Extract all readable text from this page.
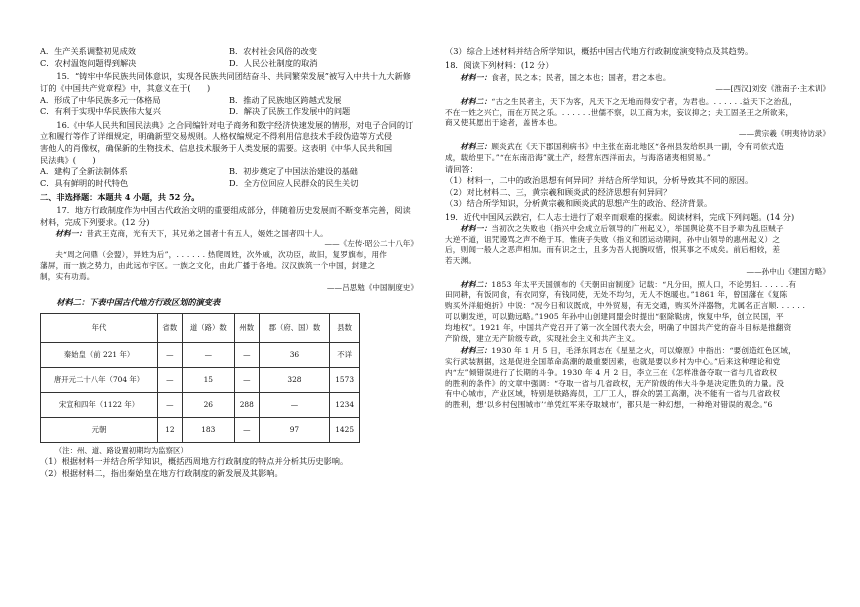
A．生产关系调整初见成效	B．农村社会风俗的改变
C．农村温饱问题得到解决	D．人民公社制度的取消
15．“铸牢中华民族共同体意识，实现各民族共同团结奋斗、共同繁荣发展”被写入中共十九大新修
订的《中国共产党章程》中，其意义在于(　　)
A．形成了中华民族多元一体格局	B．推动了民族地区跨越式发展
C．有利于实现中华民族伟大复兴	D．解决了民族工作发展中的问题
16.《中华人民共和国民法典》之合同编针对电子商务和数字经济快速发展的情形，对电子合同的订
立和履行等作了详细规定，明确新型交易规则。人格权编规定不得利用信息技术手段伪造等方式侵
害他人的肖像权，确保新的生物技术、信息技术服务于人类发展的需要。这表明《中华人民共和国
民法典》(　　)
A．建构了全新法制体系	B．初步奠定了中国法治建设的基础
C．具有鲜明的时代特色	D．全方位回应人民群众的民生关切
二、非选择题：本题共 4 小题，共 52 分。
17．地方行政制度作为中国古代政治文明的重要组成部分，伴随着历史发展而不断变革完善，阅读
材料，完成下列要求。(12 分)
材料一：昔武王克商，光有天下，其兄弟之国者十有五人，姬姓之国者四十人。
——《左传·昭公二十八年》
夫“周之问鼎（会盟），异姓为后”，. . . . . . 热爬周姓，次外戚，次功臣，故旧，复罗旗布，用作
藩屏，而一族之势力，由此远布宇区。一族之文化，由此广播于各地。汉汉族筑一个中国，封建之
制，实有功焉。
——吕思勉《中国制度史》
材料二：下表中国古代地方行政区划的演变表
年代	省数	道（路）数	州数	郡（府、国）数	县数
秦始皇（前 221 年）	—	—	—	36	不详
唐开元二十八年（704 年）	—	15	—	328	1573
宋宣和四年（1122 年）	—	26	288	—	1234
元朝	12	183	—	97	1425
（注：州、道、路设置初期均为监察区）
（1）根据材料一并结合所学知识，概括西周地方行政制度的特点并分析其历史影响。
（2）根据材料二，指出秦始皇在地方行政制度的新发展及其影响。
（3）综合上述材料并结合所学知识，概括中国古代地方行政制度演变特点及其趋势。
18．阅读下列材料：(12 分）
材料一：食者，民之本；民者，国之本也；国者，君之本也。
——[西汉]刘安《淮南子·主术训》
材料二：“古之生民者主，天下为客，凡天下之无地而得安宁者，为君也。. . . . . .益天下之治乱，
不在一姓之兴亡，而在万民之乐。. . . . . .世儒不察，以工商为末，妄议抑之；夫工固圣王之所欲来，
商又使其愿出于途者，盖皆本也。
——黄宗羲《明夷待访录》
材料三：顾炎武在《天下郡国利病书》中主张在南北地区“各州县发给织具一副，令有司依式造
成，载给里下。”“在东南沿海”就土产，经营东西洋而去，与海洛诸夷相贸易。”
请回答：
（1）材料一，二中的政治思想有何异同？并结合所学知识，分析导致其不同的原因。
（2）对比材料二、三，黄宗羲和顾炎武的经济思想有何异同？
（3）结合所学知识，分析黄宗羲和顾炎武的思想产生的政治、经济背景。
19．近代中国风云跌宕，仁人志士进行了艰辛而艰难的探索。阅读材料，完成下列问题。(14 分)
材料一：当初次之失败也（指兴中会成立后领导的广州起义），举国舆论莫不目予辈为乱臣贼子
大逆不道，诅咒谩骂之声不绝于耳．惟庚子失败（指义和团运动期间，孙中山领导的惠州起义）之
后，则闻一般人之恶声相加。而有识之士，且多为吾人扼腕叹惜，恨其事之不成矣。前后相较，差
若天渊。
——孙中山《建国方略》
材料二：1853 年太平天国颁布的《天朝田亩制度》记载：“凡分田，照人口，不论男妇. . . . . .有
田同耕，有饭同食，有衣同穿，有钱同使，无处不均匀，无人不饱暖也。”1861 年，曾国藩在《复陈
购买外洋船炮折》中说：“况今日和议既成，中外贸易，有无交通，购买外洋器物，尤属名正言顺. . . . . .
可以剿发逆，可以勤远略。”1905 年孙中山创建同盟会时提出“驱除鞑虏，恢复中华，创立民国，平
均地权”。1921 年，中国共产党召开了第一次全国代表大会，明确了中国共产党的奋斗目标是推翻资
产阶级，建立无产阶级专政，实现社会主义和共产主义。
材料三：1930 年 1 月 5 日，毛泽东同志在《星星之火，可以燎原》中指出：“要创造红色区域，
实行武装割据，这是促进全国革命高潮的最重要因素，也就是要以乡村为中心。”后来这种理论和党
内“左”倾错误进行了长期的斗争。1930 年 4 月 2 日，李立三在《怎样准备夺取一省与几省政权
的胜利的条件》的文章中强调：“夺取一省与几省政权，无产阶级的伟大斗争是决定胜负的力量。没
有中心城市，产业区域，特别是铁路海员，工厂工人，群众的罢工高潮，决不能有一省与几省政权
的胜利，想‘以乡村包围城市’‘单凭红军来夺取城市’，都只是一种幻想，一种绝对错误的观念。”6
